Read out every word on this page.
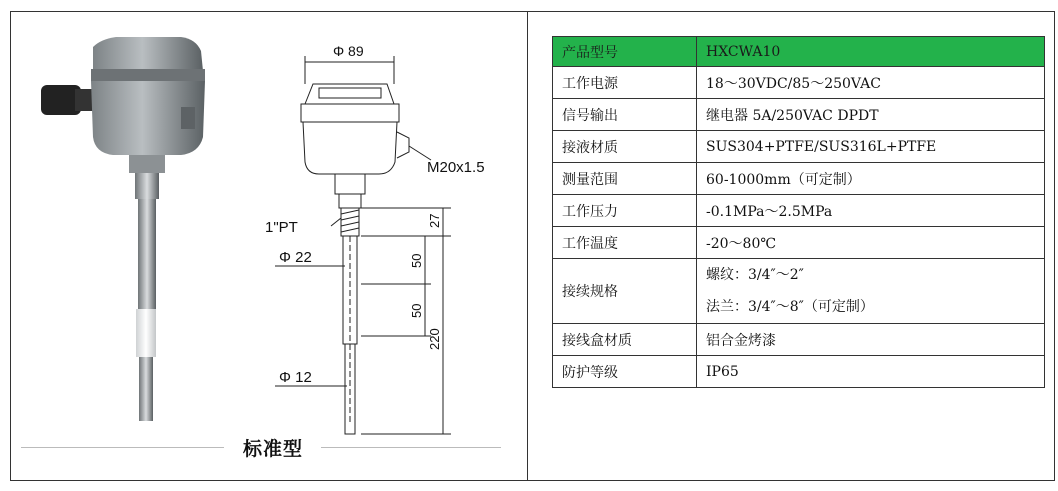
Φ 89
M20x1.5
1"PT
Φ 22
Φ 12
27
50
50
220
标准型
产品型号	HXCWA10
工作电源	18～30VDC/85～250VAC
信号输出	继电器 5A/250VAC DPDT
接液材质	SUS304+PTFE/SUS316L+PTFE
测量范围	60-1000mm（可定制）
工作压力	-0.1MPa～2.5MPa
工作温度	-20～80℃
接续规格	螺纹：3/4″～2″
法兰：3/4″～8″（可定制）

接线盒材质	铝合金烤漆
防护等级	IP65
